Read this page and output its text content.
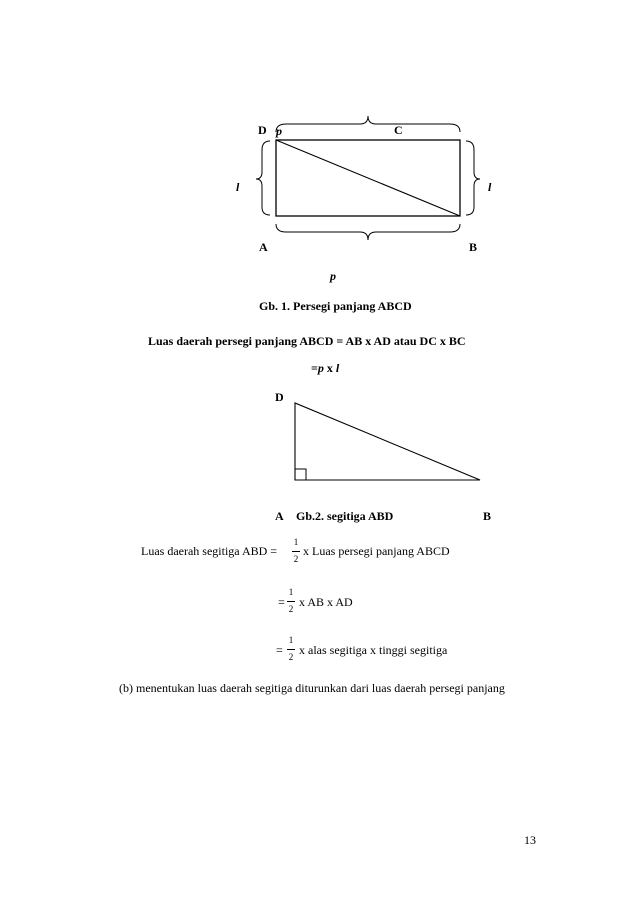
D p	C
l	l
A	B
p
Gb. 1. Persegi panjang ABCD
Luas daerah persegi panjang ABCD = AB x AD atau DC x BC
=p x l
D
A Gb.2. segitiga ABD	B
Luas daerah segitiga ABD =
1
2
x Luas persegi panjang ABCD
=
1
2 x AB x AD
=
1
2 x alas segitiga x tinggi segitiga
(b) menentukan luas daerah segitiga diturunkan dari luas daerah persegi panjang
13
